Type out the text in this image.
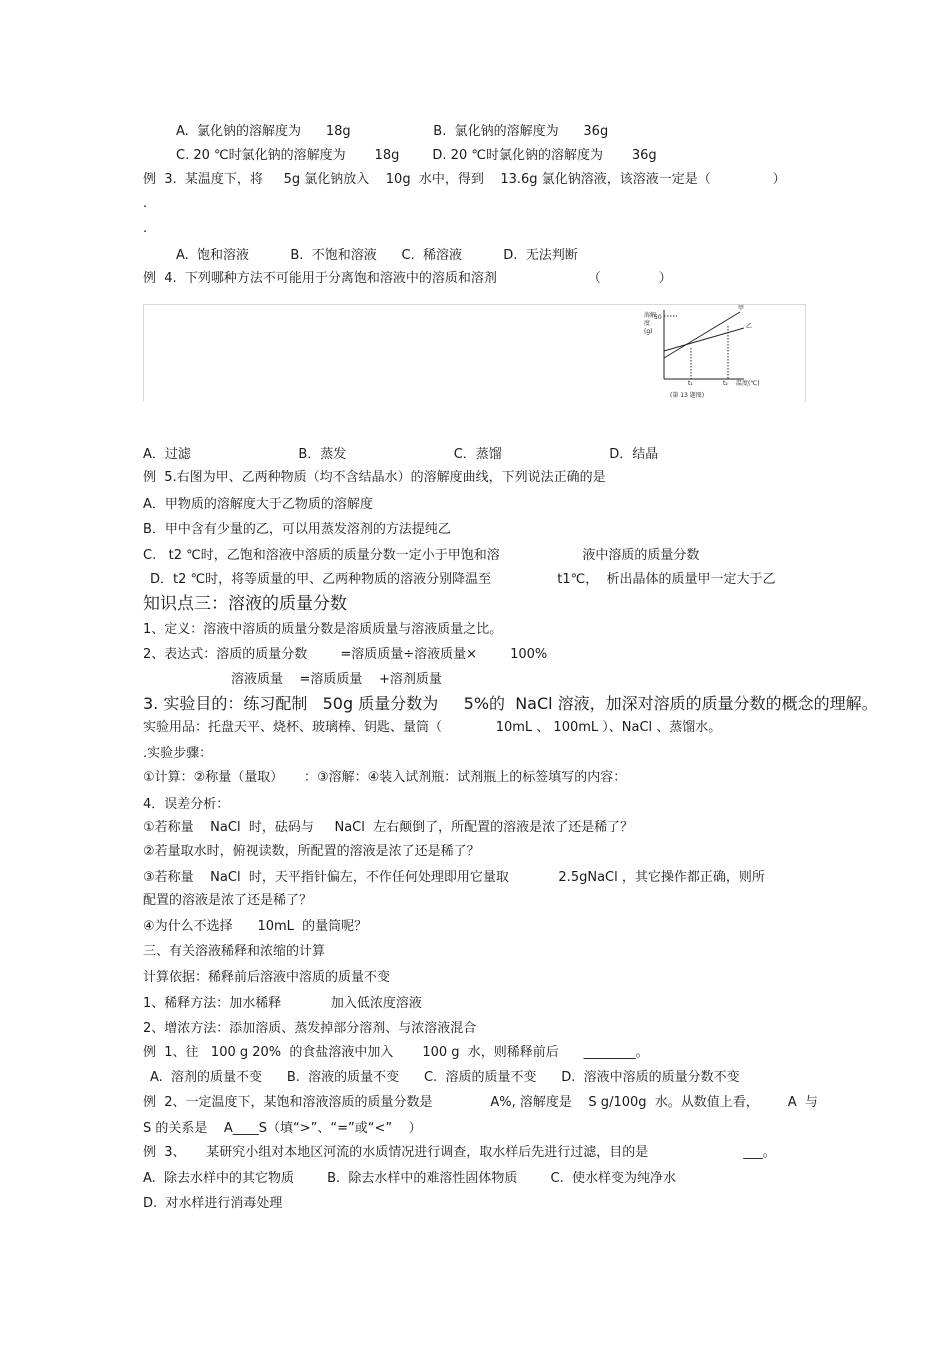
A.  氯化钠的溶解度为      18g                    B.  氯化钠的溶解度为      36g
C. 20 ℃时氯化钠的溶解度为       18g        D. 20 ℃时氯化钠的溶解度为       36g
例  3.  某温度下，将     5g 氯化钠放入    10g  水中，得到    13.6g 氯化钠溶液，该溶液一定是（               ）
.
.
A.  饱和溶液          B.  不饱和溶液      C.  稀溶液          D.  无法判断
例  4.  下列哪种方法不可能用于分离饱和溶液中的溶质和溶剂                      （              ）
A．过滤                          B．蒸发                          C．蒸馏                          D．结晶
例  5.右图为甲、乙两种物质（均不含结晶水）的溶解度曲线，下列说法正确的是
A．甲物质的溶解度大于乙物质的溶解度
B．甲中含有少量的乙，可以用蒸发溶剂的方法提纯乙
C.   t2 ℃时，乙饱和溶液中溶质的质量分数一定小于甲饱和溶                    液中溶质的质量分数
D．t2 ℃时，将等质量的甲、乙两种物质的溶液分别降温至                t1℃，  析出晶体的质量甲一定大于乙
知识点三：溶液的质量分数
1、定义：溶液中溶质的质量分数是溶质质量与溶液质量之比。
2、表达式：溶质的质量分数        =溶质质量÷溶液质量×        100%
溶液质量    =溶质质量    +溶剂质量
3. 实验目的：练习配制   50g 质量分数为     5%的  NaCl 溶液，加深对溶质的质量分数的概念的理解。
实验用品：托盘天平、烧杯、玻璃棒、钥匙、量筒（             10mL 、 100mL ）、NaCl 、蒸馏水。
.实验步骤：
①计算：②称量（量取）     ：③溶解：④装入试剂瓶：试剂瓶上的标签填写的内容：
4．误差分析：
①若称量    NaCl  时，砝码与     NaCl  左右颠倒了，所配置的溶液是浓了还是稀了？
②若量取水时，俯视读数，所配置的溶液是浓了还是稀了？
③若称量    NaCl  时，天平指针偏左，不作任何处理即用它量取            2.5gNaCl ，其它操作都正确，则所
配置的溶液是浓了还是稀了？
④为什么不选择      10mL  的量筒呢？
三、有关溶液稀释和浓缩的计算
计算依据：稀释前后溶液中溶质的质量不变
1、稀释方法：加水稀释            加入低浓度溶液
2、增浓方法：添加溶质、蒸发掉部分溶剂、与浓溶液混合
例  1、往   100 g 20%  的食盐溶液中加入       100 g  水，则稀释前后      ________。
A.  溶剂的质量不变      B.  溶液的质量不变      C.  溶质的质量不变      D.  溶液中溶质的质量分数不变
例  2、一定温度下，某饱和溶液溶质的质量分数是              A%, 溶解度是    S g/100g  水。从数值上看，       A  与
S 的关系是    A____S（填“>”、“=”或“<”    ）
例  3、     某研究小组对本地区河流的水质情况进行调查，取水样后先进行过滤，目的是                       ___。
A.  除去水样中的其它物质        B.  除去水样中的难溶性固体物质        C.  使水样变为纯净水
D.  对水样进行消毒处理
溶解
度
(g)
50
t₁	t₂ 温度(℃)
甲
乙
(第 13 题图)
